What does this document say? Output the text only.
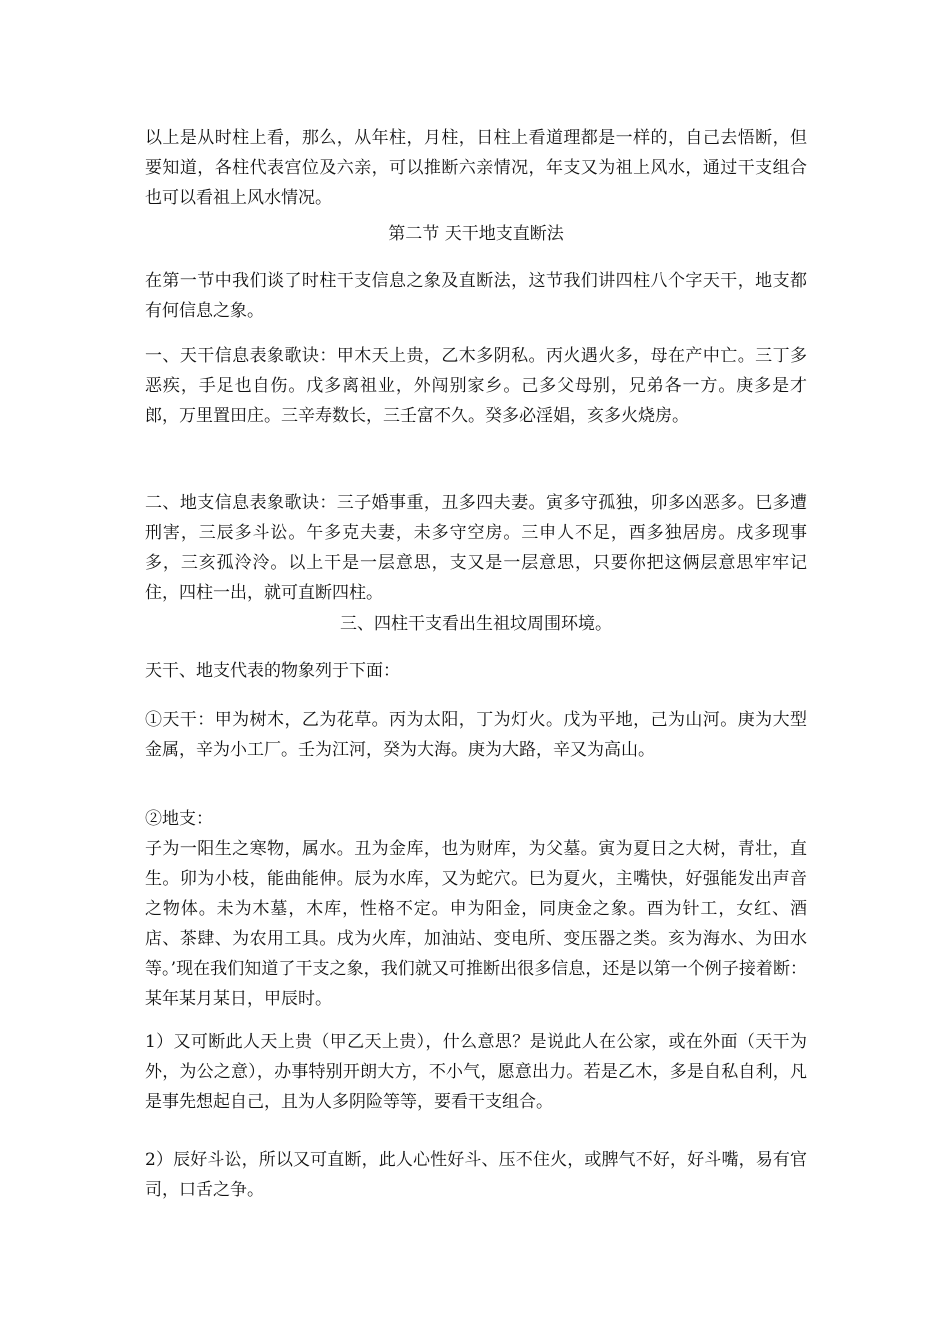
以上是从时柱上看，那么，从年柱，月柱，日柱上看道理都是一样的，自己去悟断，但要知道，各柱代表宫位及六亲，可以推断六亲情况，年支又为祖上风水，通过干支组合也可以看祖上风水情况。

第二节 天干地支直断法

在第一节中我们谈了时柱干支信息之象及直断法，这节我们讲四柱八个字天干，地支都有何信息之象。

一、天干信息表象歌诀：甲木天上贵，乙木多阴私。丙火遇火多，母在产中亡。三丁多恶疾，手足也自伤。戊多离祖业，外闯别家乡。己多父母别，兄弟各一方。庚多是才郎，万里置田庄。三辛寿数长，三壬富不久。癸多必淫娼，亥多火烧房。

二、地支信息表象歌诀：三子婚事重，丑多四夫妻。寅多守孤独，卯多凶恶多。巳多遭刑害，三辰多斗讼。午多克夫妻，未多守空房。三申人不足，酉多独居房。戌多现事多，三亥孤泠泠。以上干是一层意思，支又是一层意思，只要你把这俩层意思牢牢记住，四柱一出，就可直断四柱。

三、四柱干支看出生祖坟周围环境。

天干、地支代表的物象列于下面：

①天干：甲为树木，乙为花草。丙为太阳，丁为灯火。戊为平地，己为山河。庚为大型金属，辛为小工厂。壬为江河，癸为大海。庚为大路，辛又为高山。

②地支：

子为一阳生之寒物，属水。丑为金库，也为财库，为父墓。寅为夏日之大树，青壮，直生。卯为小枝，能曲能伸。辰为水库，又为蛇穴。巳为夏火，主嘴快，好强能发出声音之物体。未为木墓，木库，性格不定。申为阳金，同庚金之象。酉为针工，女红、酒店、茶肆、为农用工具。戌为火库，加油站、变电所、变压器之类。亥为海水、为田水等。’现在我们知道了干支之象，我们就又可推断出很多信息，还是以第一个例子接着断：某年某月某日，甲辰时。

1）又可断此人天上贵（甲乙天上贵），什么意思？是说此人在公家，或在外面（天干为外，为公之意），办事特别开朗大方，不小气，愿意出力。若是乙木，多是自私自利，凡是事先想起自己，且为人多阴险等等，要看干支组合。

2）辰好斗讼，所以又可直断，此人心性好斗、压不住火，或脾气不好，好斗嘴，易有官司，口舌之争。
